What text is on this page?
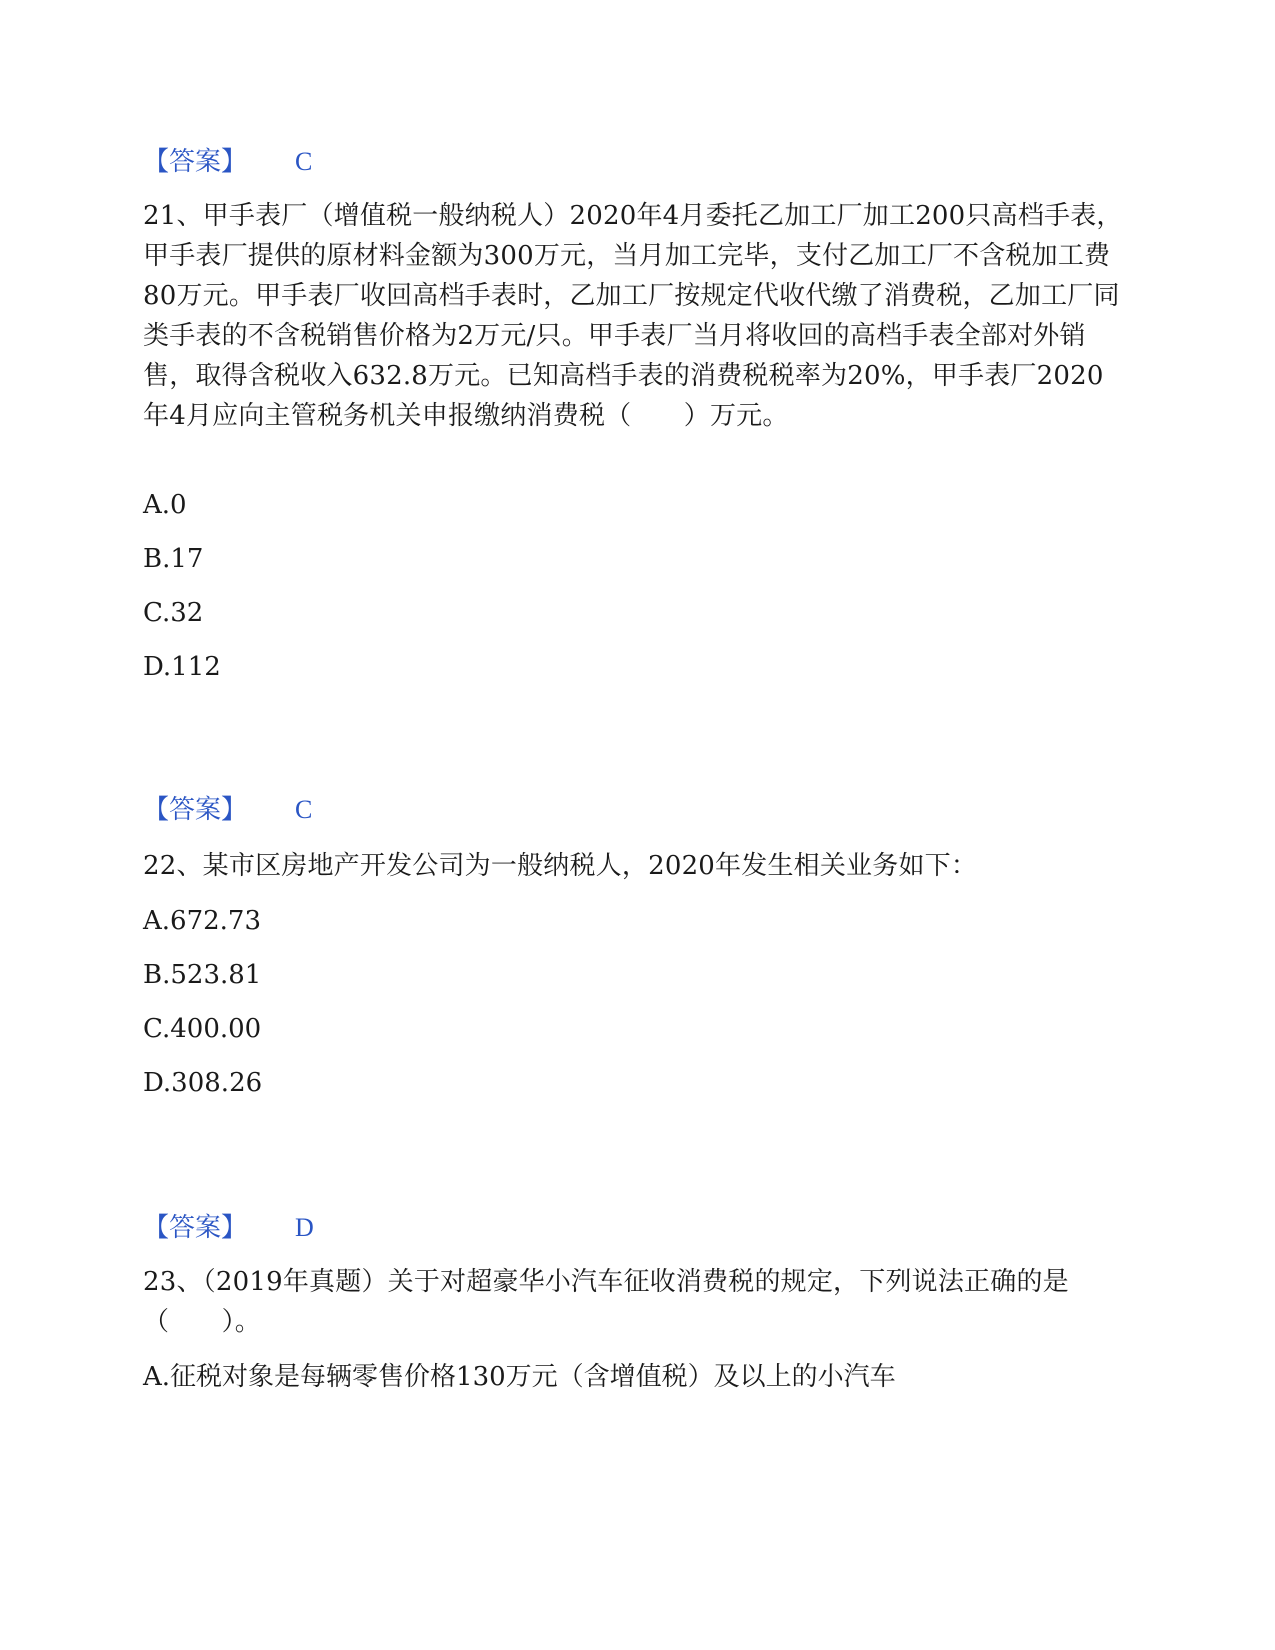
【答案】 C

21、甲手表厂（增值税一般纳税人）2020年4月委托乙加工厂加工200只高档手表，甲手表厂提供的原材料金额为300万元，当月加工完毕，支付乙加工厂不含税加工费80万元。甲手表厂收回高档手表时，乙加工厂按规定代收代缴了消费税，乙加工厂同类手表的不含税销售价格为2万元/只。甲手表厂当月将收回的高档手表全部对外销售，取得含税收入632.8万元。已知高档手表的消费税税率为20%，甲手表厂2020年4月应向主管税务机关申报缴纳消费税（　　）万元。

A.0

B.17

C.32

D.112

【答案】 C

22、某市区房地产开发公司为一般纳税人，2020年发生相关业务如下：

A.672.73

B.523.81

C.400.00

D.308.26

【答案】 D

23、（2019年真题）关于对超豪华小汽车征收消费税的规定，下列说法正确的是（　　）。

A.征税对象是每辆零售价格130万元（含增值税）及以上的小汽车
